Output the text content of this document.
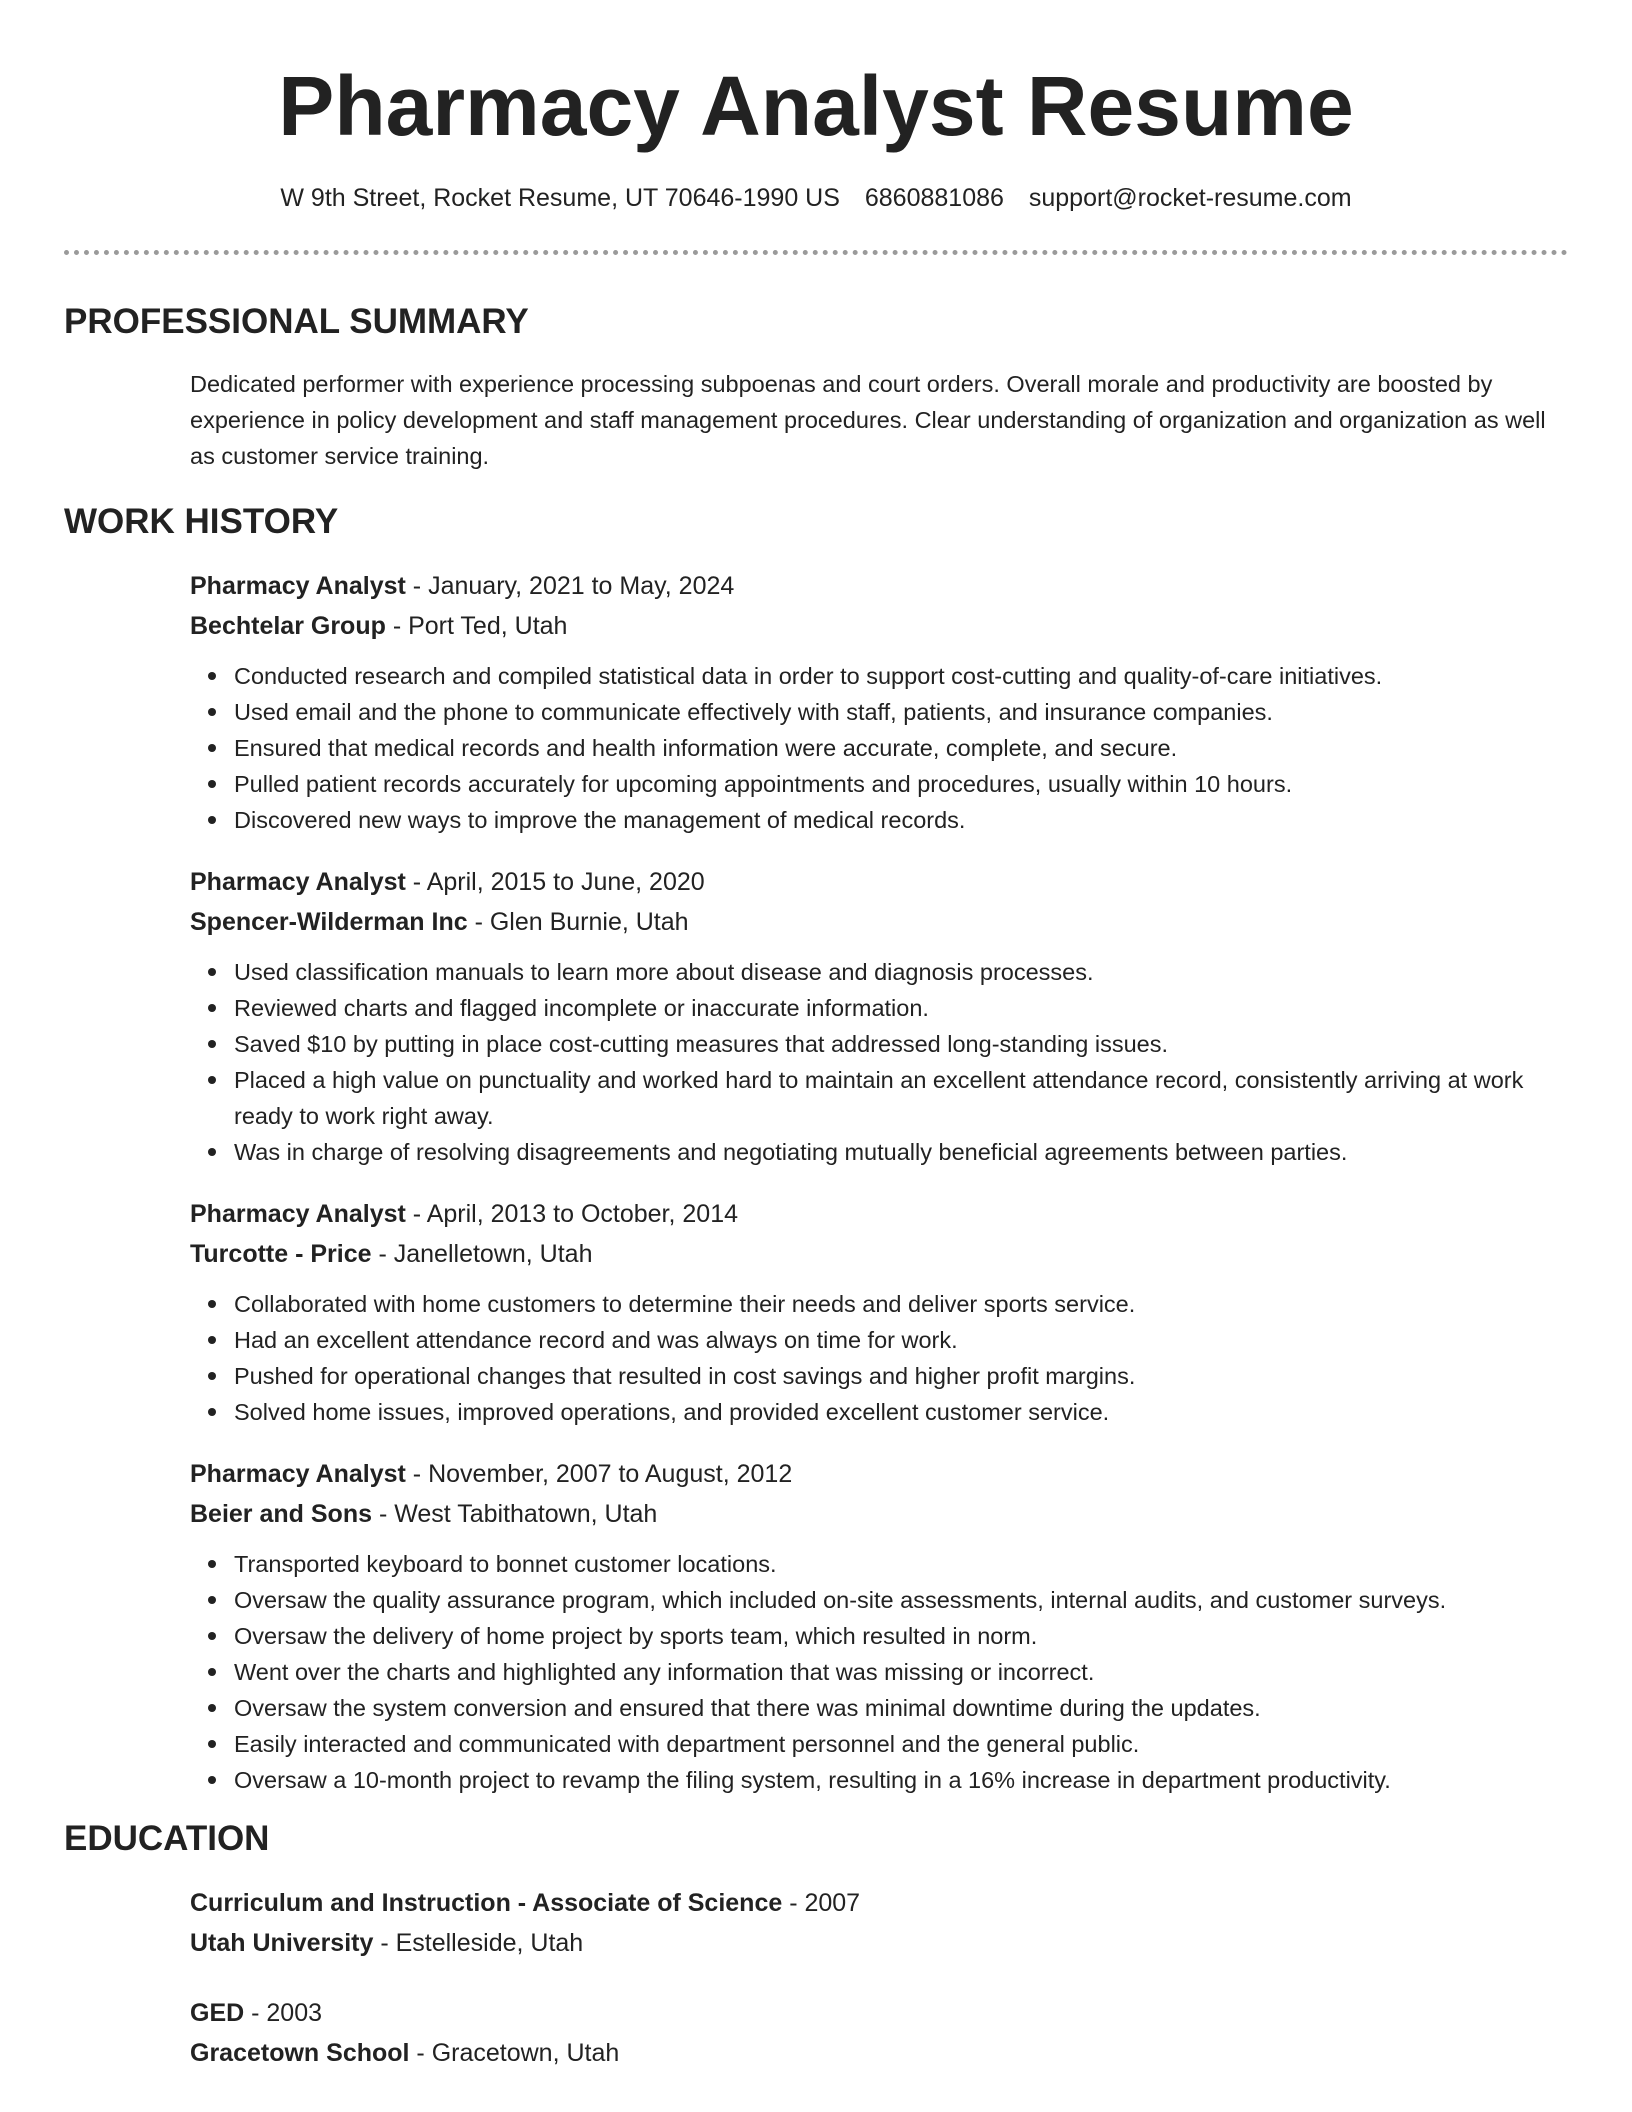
Pharmacy Analyst Resume
W 9th Street, Rocket Resume, UT 70646-1990 US 6860881086 support@rocket-resume.com
PROFESSIONAL SUMMARY

Dedicated performer with experience processing subpoenas and court orders. Overall morale and productivity are boosted by experience in policy development and staff management procedures. Clear understanding of organization and organization as well as customer service training.

WORK HISTORY
Pharmacy Analyst - January, 2021 to May, 2024
Bechtelar Group - Port Ted, Utah
Conducted research and compiled statistical data in order to support cost-cutting and quality-of-care initiatives.
Used email and the phone to communicate effectively with staff, patients, and insurance companies.
Ensured that medical records and health information were accurate, complete, and secure.
Pulled patient records accurately for upcoming appointments and procedures, usually within 10 hours.
Discovered new ways to improve the management of medical records.
Pharmacy Analyst - April, 2015 to June, 2020
Spencer-Wilderman Inc - Glen Burnie, Utah
Used classification manuals to learn more about disease and diagnosis processes.
Reviewed charts and flagged incomplete or inaccurate information.
Saved $10 by putting in place cost-cutting measures that addressed long-standing issues.
Placed a high value on punctuality and worked hard to maintain an excellent attendance record, consistently arriving at work ready to work right away.
Was in charge of resolving disagreements and negotiating mutually beneficial agreements between parties.
Pharmacy Analyst - April, 2013 to October, 2014
Turcotte - Price - Janelletown, Utah
Collaborated with home customers to determine their needs and deliver sports service.
Had an excellent attendance record and was always on time for work.
Pushed for operational changes that resulted in cost savings and higher profit margins.
Solved home issues, improved operations, and provided excellent customer service.
Pharmacy Analyst - November, 2007 to August, 2012
Beier and Sons - West Tabithatown, Utah
Transported keyboard to bonnet customer locations.
Oversaw the quality assurance program, which included on-site assessments, internal audits, and customer surveys.
Oversaw the delivery of home project by sports team, which resulted in norm.
Went over the charts and highlighted any information that was missing or incorrect.
Oversaw the system conversion and ensured that there was minimal downtime during the updates.
Easily interacted and communicated with department personnel and the general public.
Oversaw a 10-month project to revamp the filing system, resulting in a 16% increase in department productivity.
EDUCATION
Curriculum and Instruction - Associate of Science - 2007
Utah University - Estelleside, Utah
GED - 2003
Gracetown School - Gracetown, Utah
